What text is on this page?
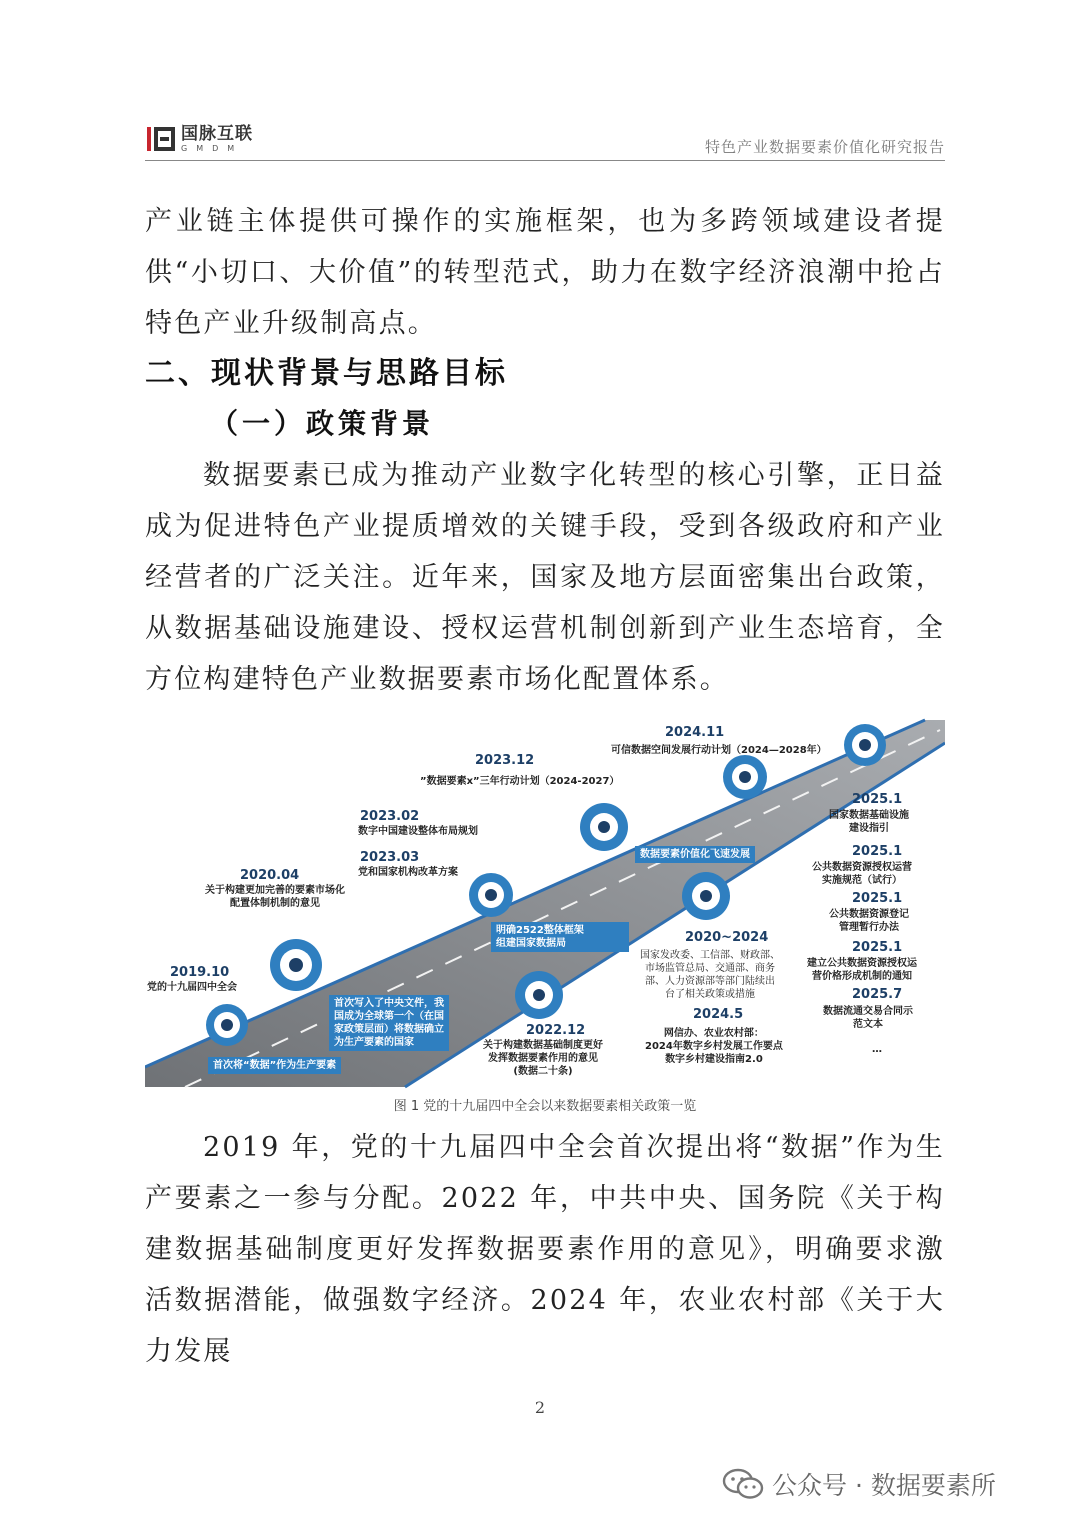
国脉互联
GMDM	特色产业数据要素价值化研究报告
产业链主体提供可操作的实施框架，也为多跨领域建设者提供“小切口、大价值”的转型范式，助力在数字经济浪潮中抢占特色产业升级制高点。
二、现状背景与思路目标
（一）政策背景
数据要素已成为推动产业数字化转型的核心引擎，正日益成为促进特色产业提质增效的关键手段，受到各级政府和产业经营者的广泛关注。近年来，国家及地方层面密集出台政策，从数据基础设施建设、授权运营机制创新到产业生态培育，全方位构建特色产业数据要素市场化配置体系。
2019.10
党的十九届四中全会
2020.04
关于构建更加完善的要素市场化
配置体制机制的意见
2023.02
数字中国建设整体布局规划
2023.03
党和国家机构改革方案
2023.12
”数据要素x”三年行动计划（2024-2027）
2024.11
可信数据空间发展行动计划（2024—2028年）
2022.12
关于构建数据基础制度更好
发挥数据要素作用的意见
(数据二十条)
2020~2024
国家发改委、工信部、财政部、
市场监管总局、交通部、商务
部、人力资源部等部门陆续出
台了相关政策或措施
2024.5
网信办、农业农村部：
2024年数字乡村发展工作要点
数字乡村建设指南2.0
2025.1
国家数据基础设施
建设指引
2025.1
公共数据资源授权运营
实施规范（试行）
2025.1
公共数据资源登记
管理暂行办法
2025.1
建立公共数据资源授权运
营价格形成机制的通知
2025.7
数据流通交易合同示
范文本
…
首次将“数据”作为生产要素
首次写入了中央文件，我
国成为全球第一个（在国
家政策层面）将数据确立
为生产要素的国家
明确2522整体框架
组建国家数据局
数据要素价值化飞速发展
图 1 党的十九届四中全会以来数据要素相关政策一览
2019 年，党的十九届四中全会首次提出将“数据”作为生产要素之一参与分配。2022 年，中共中央、国务院《关于构建数据基础制度更好发挥数据要素作用的意见》，明确要求激活数据潜能，做强数字经济。2024 年，农业农村部《关于大力发展
2
公众号 · 数据要素所
